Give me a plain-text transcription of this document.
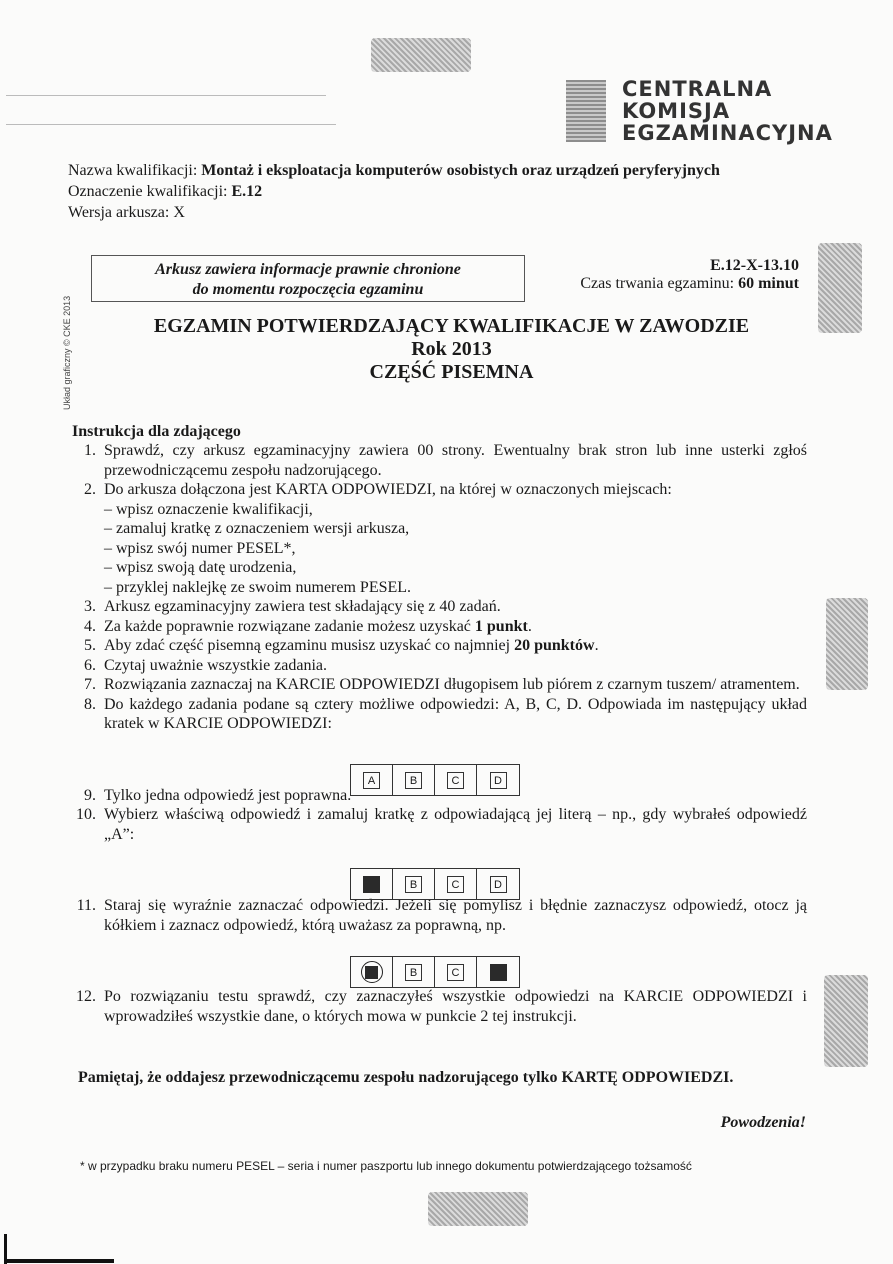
CENTRALNA
KOMISJA
EGZAMINACYJNA
Nazwa kwalifikacji: Montaż i eksploatacja komputerów osobistych oraz urządzeń peryferyjnych
Oznaczenie kwalifikacji: E.12
Wersja arkusza: X
Arkusz zawiera informacje prawnie chronione
do momentu rozpoczęcia egzaminu
E.12-X-13.10
Czas trwania egzaminu: 60 minut
Układ graficzny © CKE 2013	EGZAMIN POTWIERDZAJĄCY KWALIFIKACJE W ZAWODZIE
Rok 2013
CZĘŚĆ PISEMNA
Instrukcja dla zdającego
1. Sprawdź, czy arkusz egzaminacyjny zawiera 00 strony. Ewentualny brak stron lub inne usterki zgłoś przewodniczącemu zespołu nadzorującego.
2. Do arkusza dołączona jest KARTA ODPOWIEDZI, na której w oznaczonych miejscach:
– wpisz oznaczenie kwalifikacji,
– zamaluj kratkę z oznaczeniem wersji arkusza,
– wpisz swój numer PESEL*,
– wpisz swoją datę urodzenia,
– przyklej naklejkę ze swoim numerem PESEL.
3. Arkusz egzaminacyjny zawiera test składający się z 40 zadań.
4. Za każde poprawnie rozwiązane zadanie możesz uzyskać 1 punkt.
5. Aby zdać część pisemną egzaminu musisz uzyskać co najmniej 20 punktów.
6. Czytaj uważnie wszystkie zadania.
7. Rozwiązania zaznaczaj na KARCIE ODPOWIEDZI długopisem lub piórem z czarnym tuszem/ atramentem.
8. Do każdego zadania podane są cztery możliwe odpowiedzi: A, B, C, D. Odpowiada im następujący układ kratek w KARCIE ODPOWIEDZI:
9. Tylko jedna odpowiedź jest poprawna.
10. Wybierz właściwą odpowiedź i zamaluj kratkę z odpowiadającą jej literą – np., gdy wybrałeś odpowiedź „A”:
11. Staraj się wyraźnie zaznaczać odpowiedzi. Jeżeli się pomylisz i błędnie zaznaczysz odpowiedź, otocz ją kółkiem i zaznacz odpowiedź, którą uważasz za poprawną, np.
12. Po rozwiązaniu testu sprawdź, czy zaznaczyłeś wszystkie odpowiedzi na KARCIE ODPOWIEDZI i wprowadziłeś wszystkie dane, o których mowa w punkcie 2 tej instrukcji.
A	B	C	D
B	C	D
B	C
Pamiętaj, że oddajesz przewodniczącemu zespołu nadzorującego tylko KARTĘ ODPOWIEDZI.
Powodzenia!
* w przypadku braku numeru PESEL – seria i numer paszportu lub innego dokumentu potwierdzającego tożsamość
